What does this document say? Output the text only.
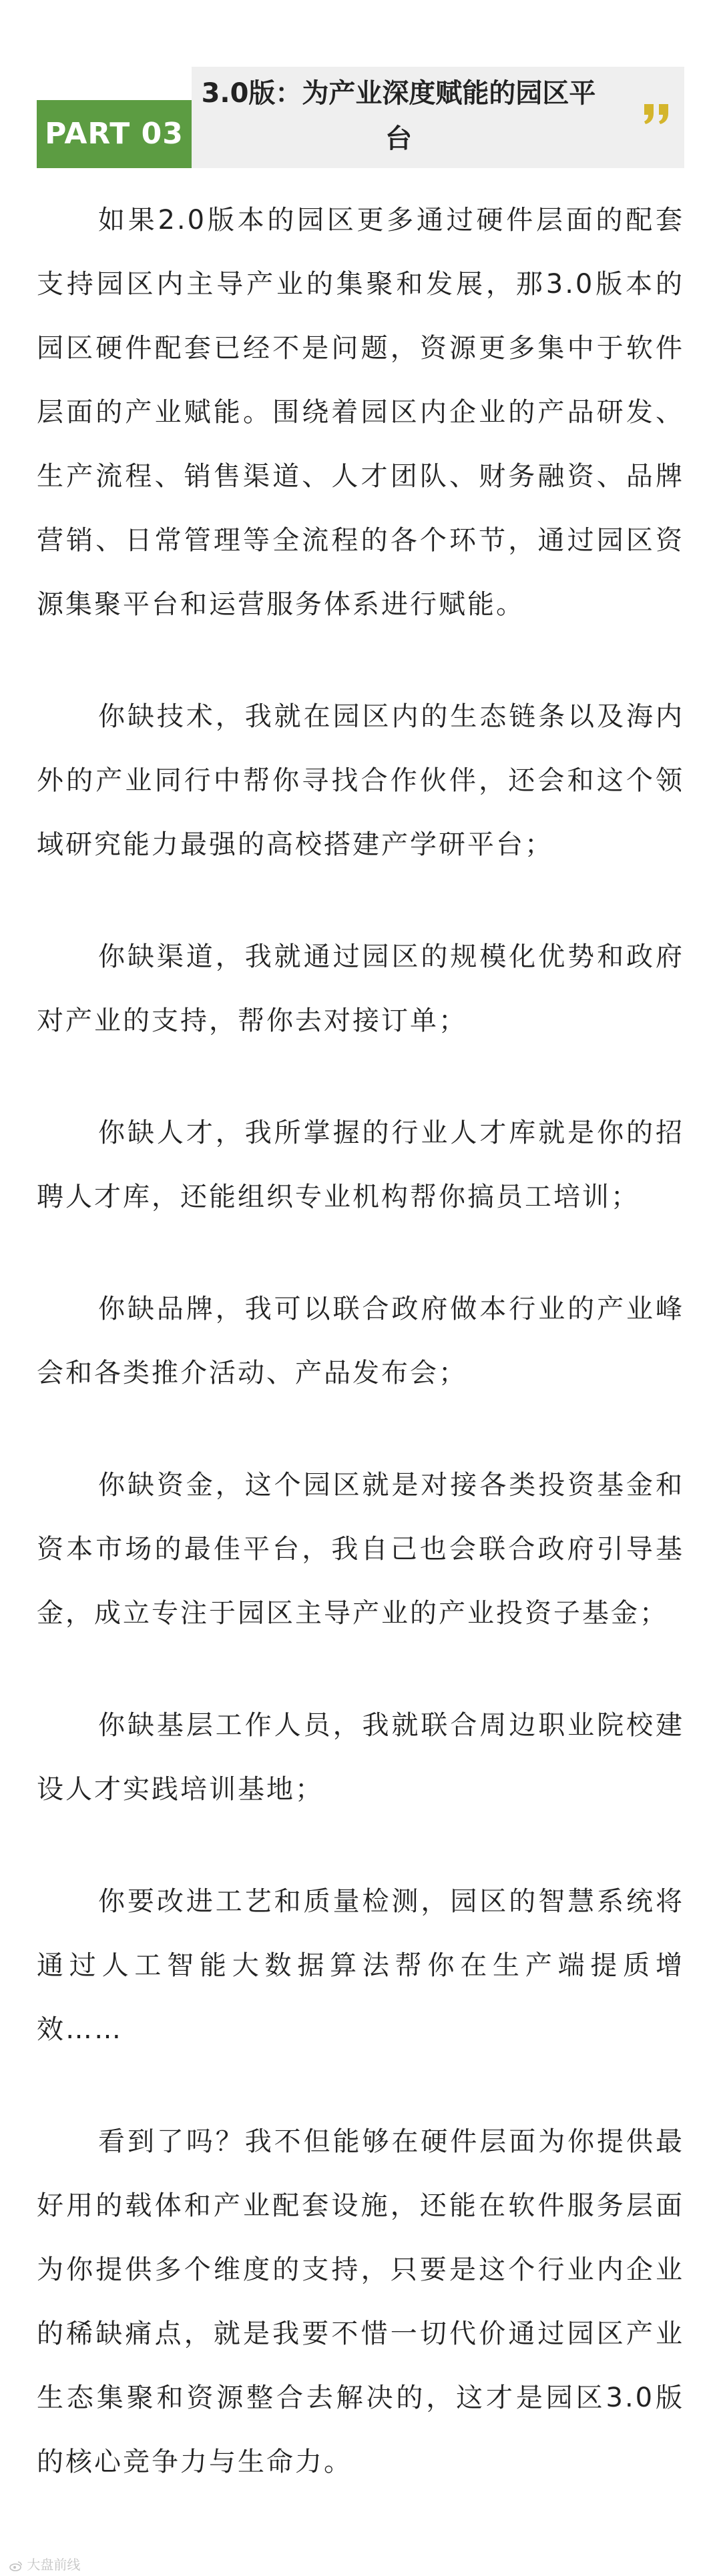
3.0版：为产业深度赋能的园区平台
PART 03

如果2.0版本的园区更多通过硬件层面的配套支持园区内主导产业的集聚和发展，那3.0版本的园区硬件配套已经不是问题，资源更多集中于软件层面的产业赋能。围绕着园区内企业的产品研发、生产流程、销售渠道、人才团队、财务融资、品牌营销、日常管理等全流程的各个环节，通过园区资源集聚平台和运营服务体系进行赋能。

你缺技术，我就在园区内的生态链条以及海内外的产业同行中帮你寻找合作伙伴，还会和这个领域研究能力最强的高校搭建产学研平台；

你缺渠道，我就通过园区的规模化优势和政府对产业的支持，帮你去对接订单；

你缺人才，我所掌握的行业人才库就是你的招聘人才库，还能组织专业机构帮你搞员工培训；

你缺品牌，我可以联合政府做本行业的产业峰会和各类推介活动、产品发布会；

你缺资金，这个园区就是对接各类投资基金和资本市场的最佳平台，我自己也会联合政府引导基金，成立专注于园区主导产业的产业投资子基金；

你缺基层工作人员，我就联合周边职业院校建设人才实践培训基地；

你要改进工艺和质量检测，园区的智慧系统将通过人工智能大数据算法帮你在生产端提质增效……

看到了吗？我不但能够在硬件层面为你提供最好用的载体和产业配套设施，还能在软件服务层面为你提供多个维度的支持，只要是这个行业内企业的稀缺痛点，就是我要不惜一切代价通过园区产业生态集聚和资源整合去解决的，这才是园区3.0版的核心竞争力与生命力。

大盘前线
